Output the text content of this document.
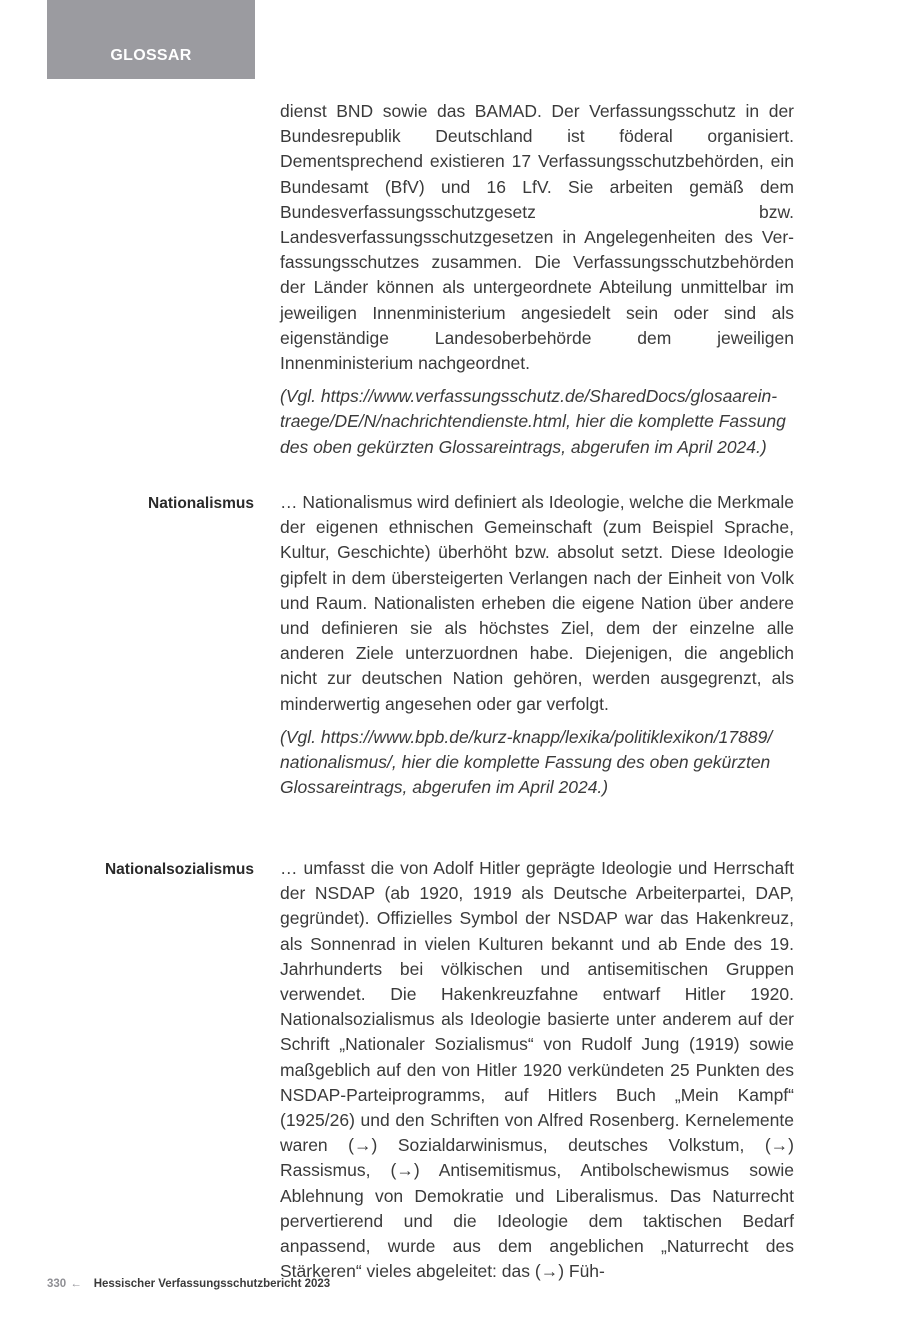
GLOSSAR

dienst BND sowie das BAMAD. Der Verfassungsschutz in der Bundesrepublik Deutschland ist föderal organisiert. Dementsprechend existieren 17 Verfassungsschutzbehörden, ein Bundesamt (BfV) und 16 LfV. Sie arbeiten gemäß dem Bundesverfassungsschutzgesetz bzw. Landesverfassungsschutzgesetzen in Angelegenheiten des Verfassungsschutzes zusammen. Die Verfassungsschutzbehörden der Länder können als untergeordnete Abteilung unmittelbar im jeweiligen Innenministerium angesiedelt sein oder sind als eigenständige Landesoberbehörde dem jeweiligen Innenministerium nachgeordnet.

(Vgl. https://www.verfassungsschutz.de/SharedDocs/glosaareintraege/DE/N/nachrichtendienste.html, hier die komplette Fassung des oben gekürzten Glossareintrags, abgerufen im April 2024.)

Nationalismus … Nationalismus wird definiert als Ideologie, welche die Merkmale der eigenen ethnischen Gemeinschaft (zum Beispiel Sprache, Kultur, Geschichte) überhöht bzw. absolut setzt. Diese Ideologie gipfelt in dem übersteigerten Verlangen nach der Einheit von Volk und Raum. Nationalisten erheben die eigene Nation über andere und definieren sie als höchstes Ziel, dem der einzelne alle anderen Ziele unterzuordnen habe. Diejenigen, die angeblich nicht zur deutschen Nation gehören, werden ausgegrenzt, als minderwertig angesehen oder gar verfolgt.

(Vgl. https://www.bpb.de/kurz-knapp/lexika/politiklexikon/17889/ nationalismus/, hier die komplette Fassung des oben gekürzten Glossareintrags, abgerufen im April 2024.)

Nationalsozialismus … umfasst die von Adolf Hitler geprägte Ideologie und Herrschaft der NSDAP (ab 1920, 1919 als Deutsche Arbeiterpartei, DAP, gegründet). Offizielles Symbol der NSDAP war das Hakenkreuz, als Sonnenrad in vielen Kulturen bekannt und ab Ende des 19. Jahrhunderts bei völkischen und antisemitischen Gruppen verwendet. Die Hakenkreuzfahne entwarf Hitler 1920. Nationalsozialismus als Ideologie basierte unter anderem auf der Schrift „Nationaler Sozialismus“ von Rudolf Jung (1919) sowie maßgeblich auf den von Hitler 1920 verkündeten 25 Punkten des NSDAP-Parteiprogramms, auf Hitlers Buch „Mein Kampf“ (1925/26) und den Schriften von Alfred Rosenberg. Kernelemente waren (→) Sozialdarwinismus, deutsches Volkstum, (→) Rassismus, (→) Antisemitismus, Antibolschewismus sowie Ablehnung von Demokratie und Liberalismus. Das Naturrecht pervertierend und die Ideologie dem taktischen Bedarf anpassend, wurde aus dem angeblichen „Naturrecht des Stärkeren“ vieles abgeleitet: das (→) Füh-

330 ← Hessischer Verfassungsschutzbericht 2023
